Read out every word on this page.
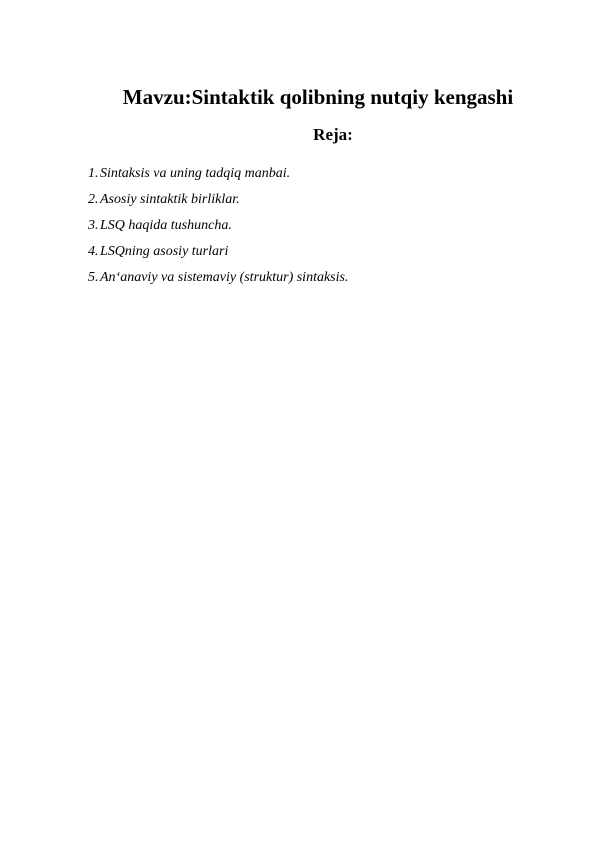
Mavzu:Sintaktik qolibning nutqiy kengashi
Reja:
1. Sintaksis va uning tadqiq manbai.
2. Asosiy sintaktik birliklar.
3. LSQ haqida tushuncha.
4. LSQning asosiy turlari
5. An‘anaviy va sistemaviy (struktur) sintaksis.
